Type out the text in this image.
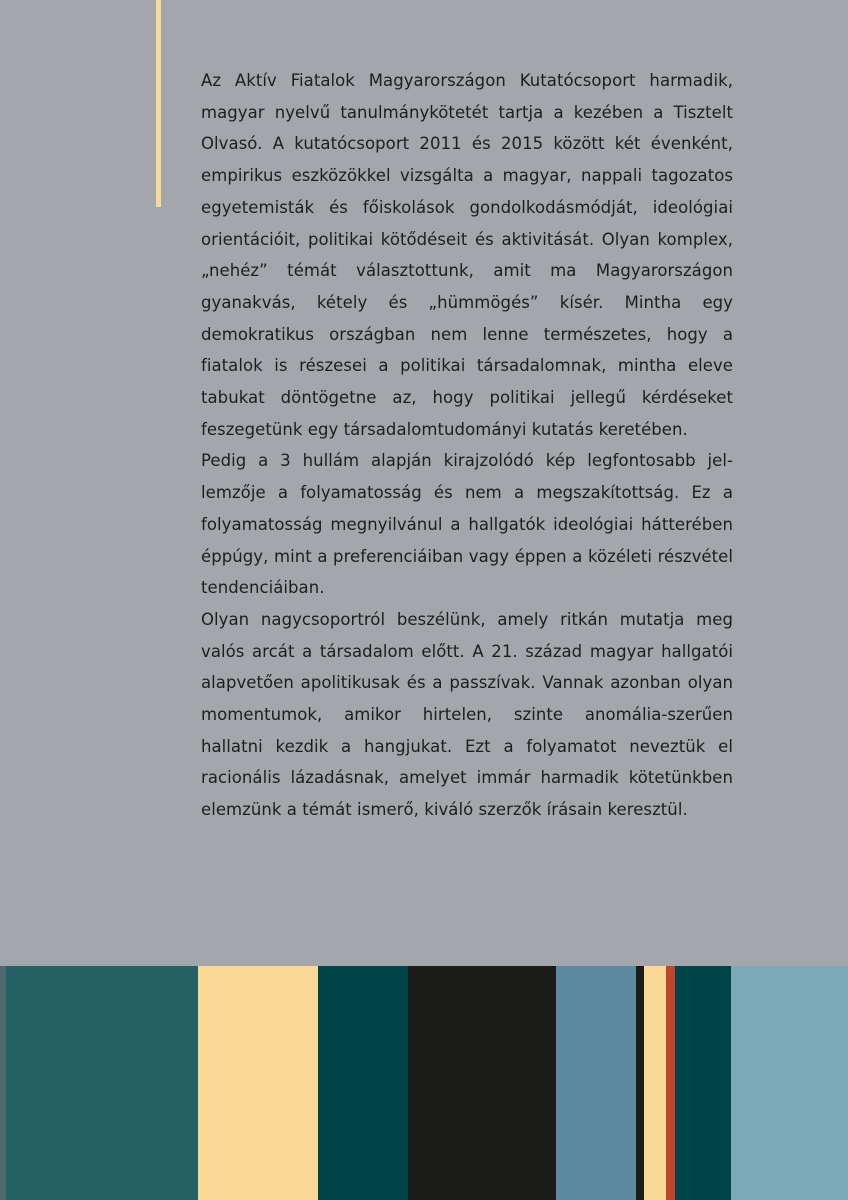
Az Aktív Fiatalok Magyarországon Kutatócsoport harmadik, magyar nyelvű tanulmánykötetét tartja a kezében a Tisztelt Olvasó. A kutatócsoport 2011 és 2015 között két évenként, empirikus eszközökkel vizsgálta a magyar, nappali tagozatos egyetemisták és főiskolások gondolkodásmódját, ideológiai orientációit, politikai kötődéseit és aktivitását. Olyan komplex, „nehéz” témát választottunk, amit ma Magyarországon gyanakvás, kétely és „hümmögés” kísér. Mintha egy demokratikus országban nem lenne természetes, hogy a fiatalok is részesei a politikai társadalomnak, mintha eleve tabukat döntögetne az, hogy politikai jellegű kérdéseket feszegetünk egy társadalomtudományi kutatás keretében.

Pedig a 3 hullám alapján kirajzolódó kép legfontosabb jellemzője a folyamatosság és nem a megszakítottság. Ez a folyamatosság megnyilvánul a hallgatók ideológiai hátterében éppúgy, mint a preferenciáiban vagy éppen a közéleti részvétel tendenciáiban.

Olyan nagycsoportról beszélünk, amely ritkán mutatja meg valós arcát a társadalom előtt. A 21. század magyar hallgatói alapvetően apolitikusak és a passzívak. Vannak azonban olyan momentumok, amikor hirtelen, szinte anomália-szerűen hallatni kezdik a hangjukat. Ezt a folyamatot neveztük el racionális lázadásnak, amelyet immár harmadik kötetünkben elemzünk a témát ismerő, kiváló szerzők írásain keresztül.
